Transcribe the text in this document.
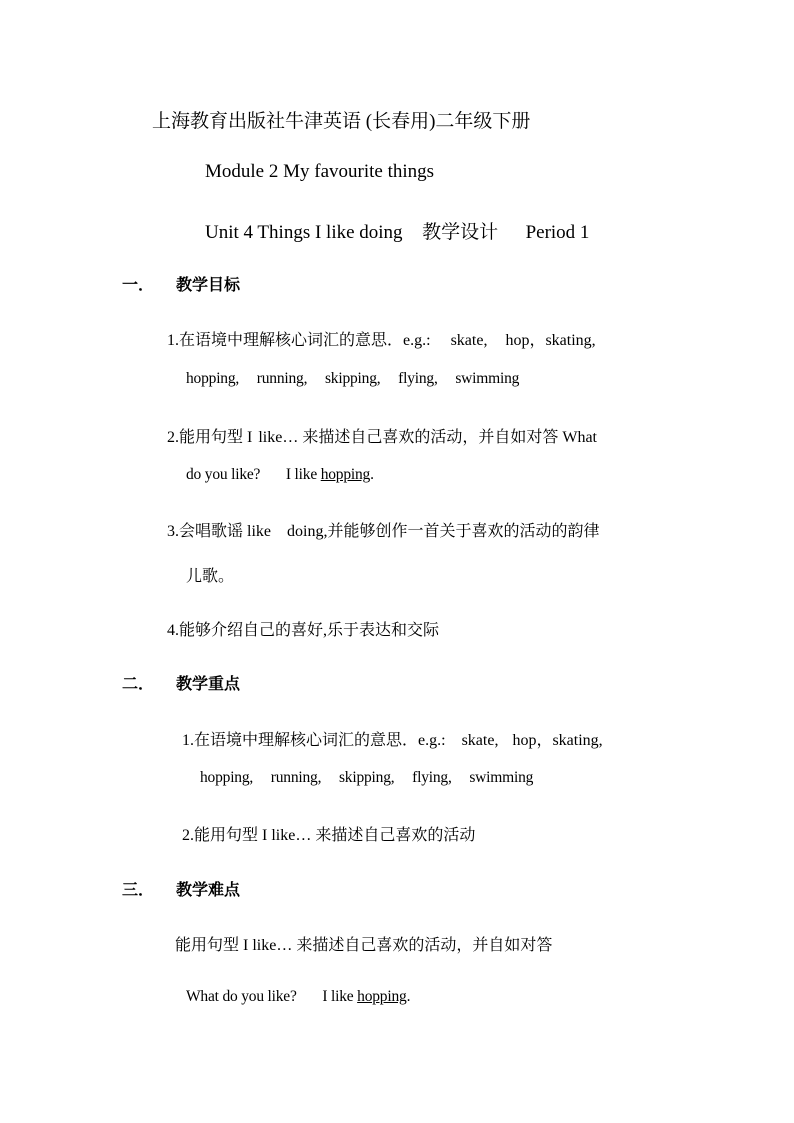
上海教育出版社牛津英语 (长春用)二年级下册
Module 2 My favourite things
Unit 4 Things I like doing 教学设计 Period 1
一． 教学目标
1.在语境中理解核心词汇的意思．e.g.: skate, hop，skating,
hopping, running, skipping, flying, swimming
2.能用句型 I like… 来描述自己喜欢的活动，并自如对答 What
do you like? I like hopping.
3.会唱歌谣 like doing,并能够创作一首关于喜欢的活动的韵律
儿歌。
4.能够介绍自己的喜好,乐于表达和交际
二． 教学重点
1.在语境中理解核心词汇的意思．e.g.: skate, hop，skating,
hopping, running, skipping, flying, swimming
2.能用句型 I like… 来描述自己喜欢的活动
三． 教学难点
能用句型 I like… 来描述自己喜欢的活动，并自如对答
What do you like? I like hopping.
